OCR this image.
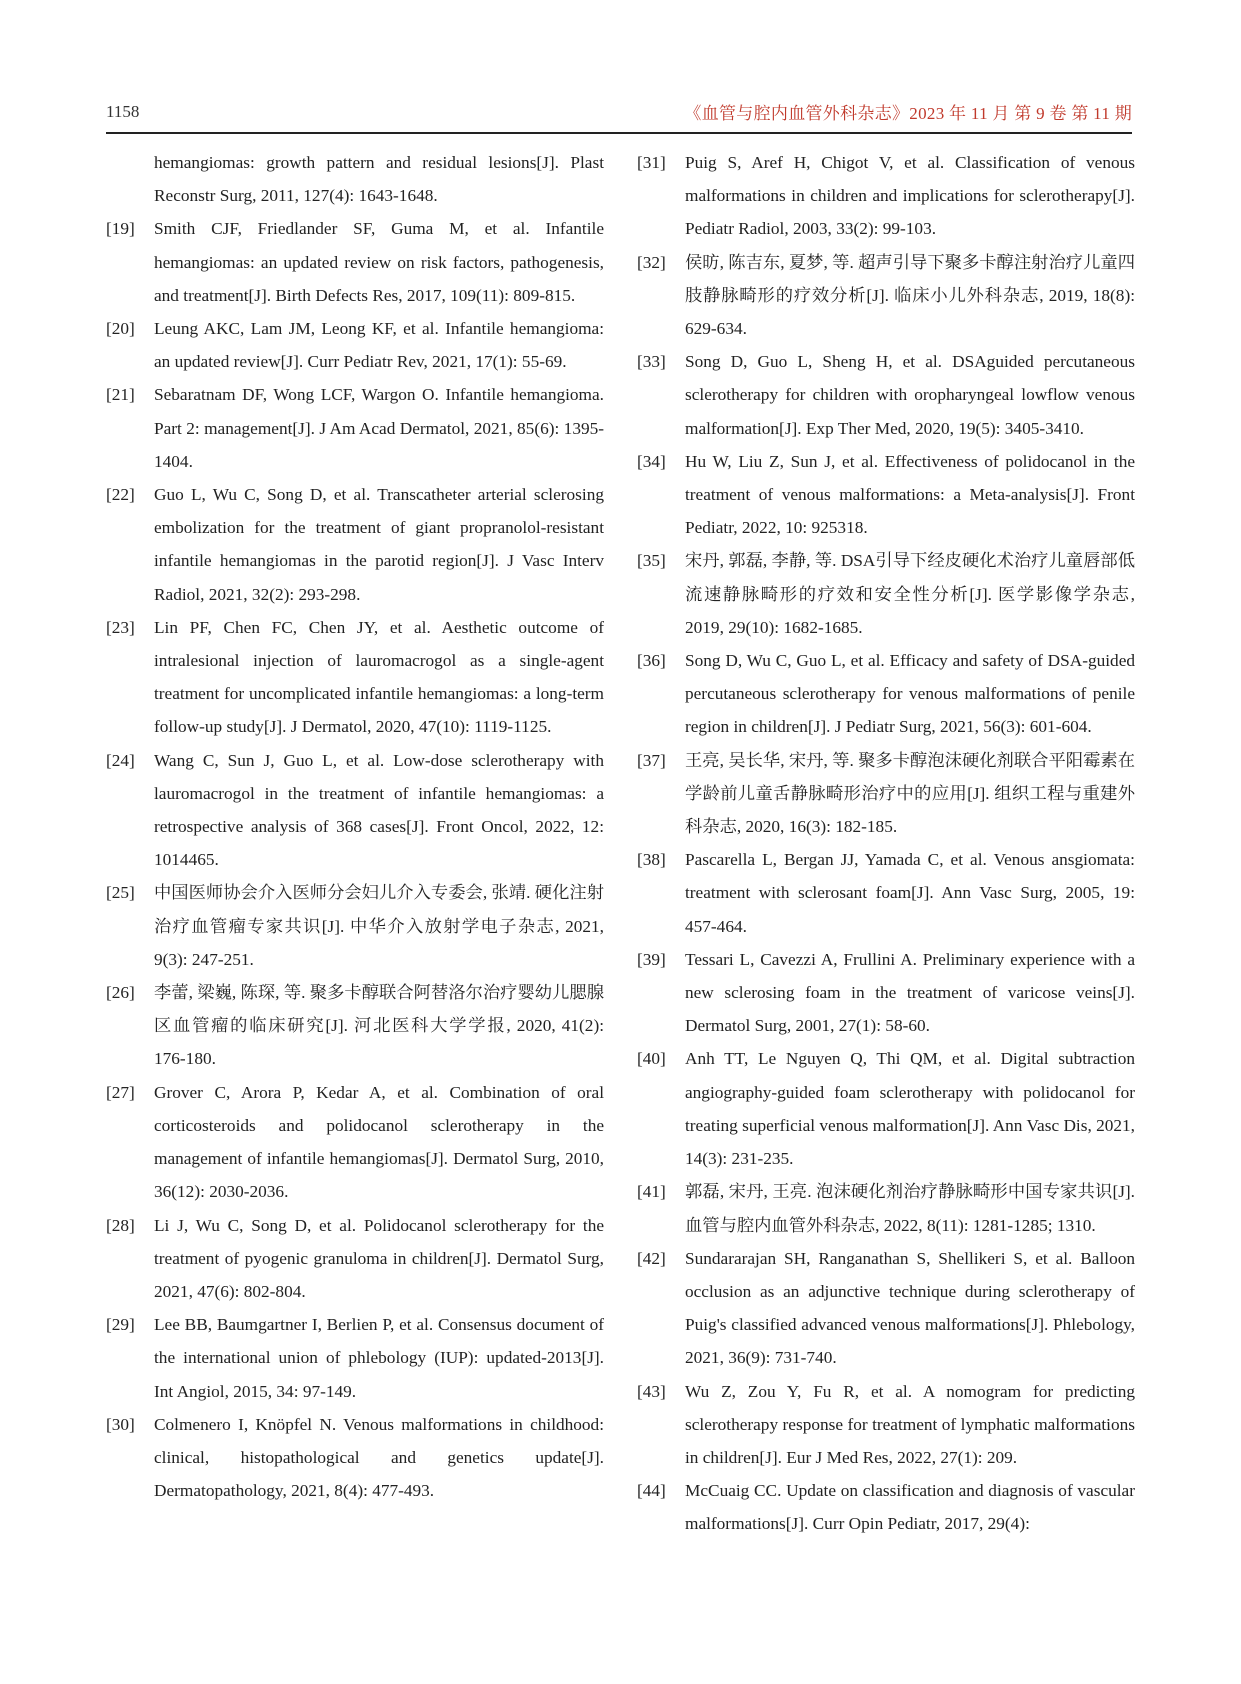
1158	《血管与腔内血管外科杂志》2023 年 11 月 第 9 卷 第 11 期
hemangiomas: growth pattern and residual lesions[J]. Plast Reconstr Surg, 2011, 127(4): 1643-1648.
[19] Smith CJF, Friedlander SF, Guma M, et al. Infantile hemangiomas: an updated review on risk factors, pathogenesis, and treatment[J]. Birth Defects Res, 2017, 109(11): 809-815.
[20] Leung AKC, Lam JM, Leong KF, et al. Infantile hemangioma: an updated review[J]. Curr Pediatr Rev, 2021, 17(1): 55-69.
[21] Sebaratnam DF, Wong LCF, Wargon O. Infantile hemangioma. Part 2: management[J]. J Am Acad Dermatol, 2021, 85(6): 1395-1404.
[22] Guo L, Wu C, Song D, et al. Transcatheter arterial sclerosing embolization for the treatment of giant propranolol-resistant infantile hemangiomas in the parotid region[J]. J Vasc Interv Radiol, 2021, 32(2): 293-298.
[23] Lin PF, Chen FC, Chen JY, et al. Aesthetic outcome of intralesional injection of lauromacrogol as a single-agent treatment for uncomplicated infantile hemangiomas: a long-term follow-up study[J]. J Dermatol, 2020, 47(10): 1119-1125.
[24] Wang C, Sun J, Guo L, et al. Low-dose sclerotherapy with lauromacrogol in the treatment of infantile hemangiomas: a retrospective analysis of 368 cases[J]. Front Oncol, 2022, 12: 1014465.
[25] 中国医师协会介入医师分会妇儿介入专委会, 张靖. 硬化注射治疗血管瘤专家共识[J]. 中华介入放射学电子杂志, 2021, 9(3): 247-251.
[26] 李蕾, 梁巍, 陈琛, 等. 聚多卡醇联合阿替洛尔治疗婴幼儿腮腺区血管瘤的临床研究[J]. 河北医科大学学报, 2020, 41(2): 176-180.
[27] Grover C, Arora P, Kedar A, et al. Combination of oral corticosteroids and polidocanol sclerotherapy in the management of infantile hemangiomas[J]. Dermatol Surg, 2010, 36(12): 2030-2036.
[28] Li J, Wu C, Song D, et al. Polidocanol sclerotherapy for the treatment of pyogenic granuloma in children[J]. Dermatol Surg, 2021, 47(6): 802-804.
[29] Lee BB, Baumgartner I, Berlien P, et al. Consensus document of the international union of phlebology (IUP): updated-2013[J]. Int Angiol, 2015, 34: 97-149.
[30] Colmenero I, Knöpfel N. Venous malformations in childhood: clinical, histopathological and genetics update[J]. Dermatopathology, 2021, 8(4): 477-493.
[31] Puig S, Aref H, Chigot V, et al. Classification of venous malformations in children and implications for sclerotherapy[J]. Pediatr Radiol, 2003, 33(2): 99-103.
[32] 侯昉, 陈吉东, 夏梦, 等. 超声引导下聚多卡醇注射治疗儿童四肢静脉畸形的疗效分析[J]. 临床小儿外科杂志, 2019, 18(8): 629-634.
[33] Song D, Guo L, Sheng H, et al. DSAguided percutaneous sclerotherapy for children with oropharyngeal lowflow venous malformation[J]. Exp Ther Med, 2020, 19(5): 3405-3410.
[34] Hu W, Liu Z, Sun J, et al. Effectiveness of polidocanol in the treatment of venous malformations: a Meta-analysis[J]. Front Pediatr, 2022, 10: 925318.
[35] 宋丹, 郭磊, 李静, 等. DSA引导下经皮硬化术治疗儿童唇部低流速静脉畸形的疗效和安全性分析[J]. 医学影像学杂志, 2019, 29(10): 1682-1685.
[36] Song D, Wu C, Guo L, et al. Efficacy and safety of DSA-guided percutaneous sclerotherapy for venous malformations of penile region in children[J]. J Pediatr Surg, 2021, 56(3): 601-604.
[37] 王亮, 吴长华, 宋丹, 等. 聚多卡醇泡沫硬化剂联合平阳霉素在学龄前儿童舌静脉畸形治疗中的应用[J]. 组织工程与重建外科杂志, 2020, 16(3): 182-185.
[38] Pascarella L, Bergan JJ, Yamada C, et al. Venous ansgiomata: treatment with sclerosant foam[J]. Ann Vasc Surg, 2005, 19: 457-464.
[39] Tessari L, Cavezzi A, Frullini A. Preliminary experience with a new sclerosing foam in the treatment of varicose veins[J]. Dermatol Surg, 2001, 27(1): 58-60.
[40] Anh TT, Le Nguyen Q, Thi QM, et al. Digital subtraction angiography-guided foam sclerotherapy with polidocanol for treating superficial venous malformation[J]. Ann Vasc Dis, 2021, 14(3): 231-235.
[41] 郭磊, 宋丹, 王亮. 泡沫硬化剂治疗静脉畸形中国专家共识[J]. 血管与腔内血管外科杂志, 2022, 8(11): 1281-1285; 1310.
[42] Sundararajan SH, Ranganathan S, Shellikeri S, et al. Balloon occlusion as an adjunctive technique during sclerotherapy of Puig's classified advanced venous malformations[J]. Phlebology, 2021, 36(9): 731-740.
[43] Wu Z, Zou Y, Fu R, et al. A nomogram for predicting sclerotherapy response for treatment of lymphatic malformations in children[J]. Eur J Med Res, 2022, 27(1): 209.
[44] McCuaig CC. Update on classification and diagnosis of vascular malformations[J]. Curr Opin Pediatr, 2017, 29(4):
